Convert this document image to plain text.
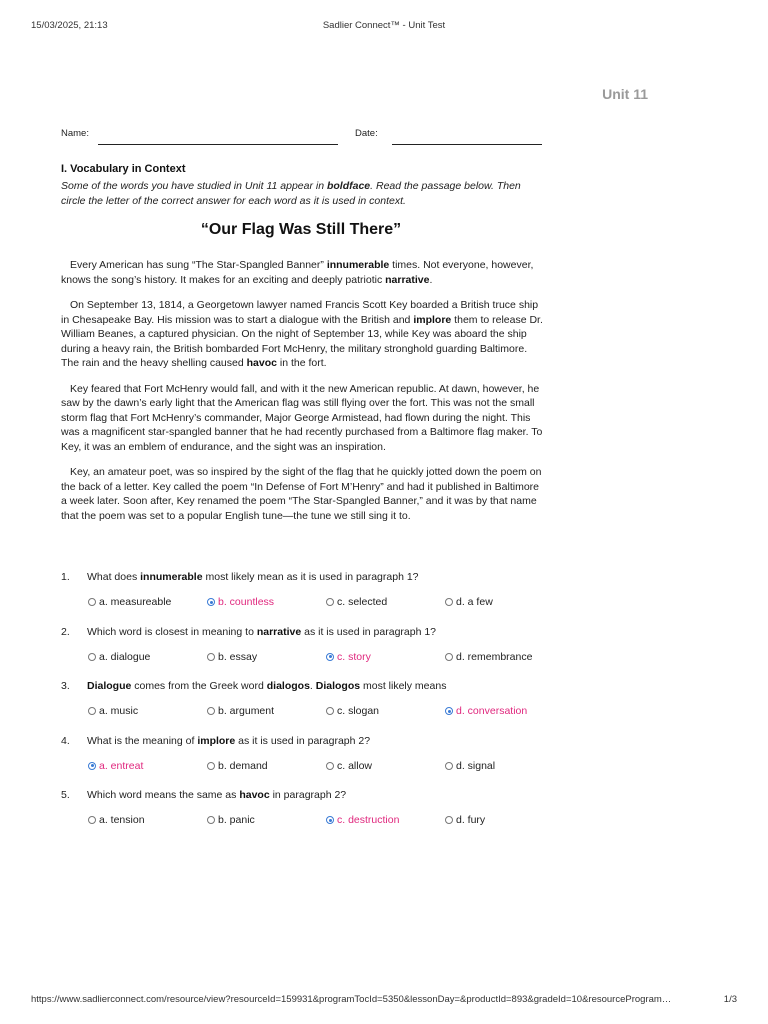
15/03/2025, 21:13	Sadlier Connect™ - Unit Test
Unit 11
Name:	Date:
I. Vocabulary in Context
Some of the words you have studied in Unit 11 appear in boldface. Read the passage below. Then circle the letter of the correct answer for each word as it is used in context.
“Our Flag Was Still There”

Every American has sung “The Star-Spangled Banner” innumerable times. Not everyone, however, knows the song’s history. It makes for an exciting and deeply patriotic narrative.

On September 13, 1814, a Georgetown lawyer named Francis Scott Key boarded a British truce ship in Chesapeake Bay. His mission was to start a dialogue with the British and implore them to release Dr. William Beanes, a captured physician. On the night of September 13, while Key was aboard the ship during a heavy rain, the British bombarded Fort McHenry, the military stronghold guarding Baltimore. The rain and the heavy shelling caused havoc in the fort.

Key feared that Fort McHenry would fall, and with it the new American republic. At dawn, however, he saw by the dawn’s early light that the American flag was still flying over the fort. This was not the small storm flag that Fort McHenry’s commander, Major George Armistead, had flown during the night. This was a magnificent star-spangled banner that he had recently purchased from a Baltimore flag maker. To Key, it was an emblem of endurance, and the sight was an inspiration.

Key, an amateur poet, was so inspired by the sight of the flag that he quickly jotted down the poem on the back of a letter. Key called the poem “In Defense of Fort M’Henry” and had it published in Baltimore a week later. Soon after, Key renamed the poem “The Star-Spangled Banner,” and it was by that name that the poem was set to a popular English tune—the tune we still sing it to.

1. What does innumerable most likely mean as it is used in paragraph 1?
a. measureable	b. countless	c. selected	d. a few
2. Which word is closest in meaning to narrative as it is used in paragraph 1?
a. dialogue	b. essay	c. story	d. remembrance
3. Dialogue comes from the Greek word dialogos. Dialogos most likely means
a. music	b. argument	c. slogan	d. conversation
4. What is the meaning of implore as it is used in paragraph 2?
a. entreat	b. demand	c. allow	d. signal
5. Which word means the same as havoc in paragraph 2?
a. tension	b. panic	c. destruction	d. fury
https://www.sadlierconnect.com/resource/view?resourceId=159931&programTocId=5350&lessonDay=&productId=893&gradeId=10&resourceProgram…	1/3
